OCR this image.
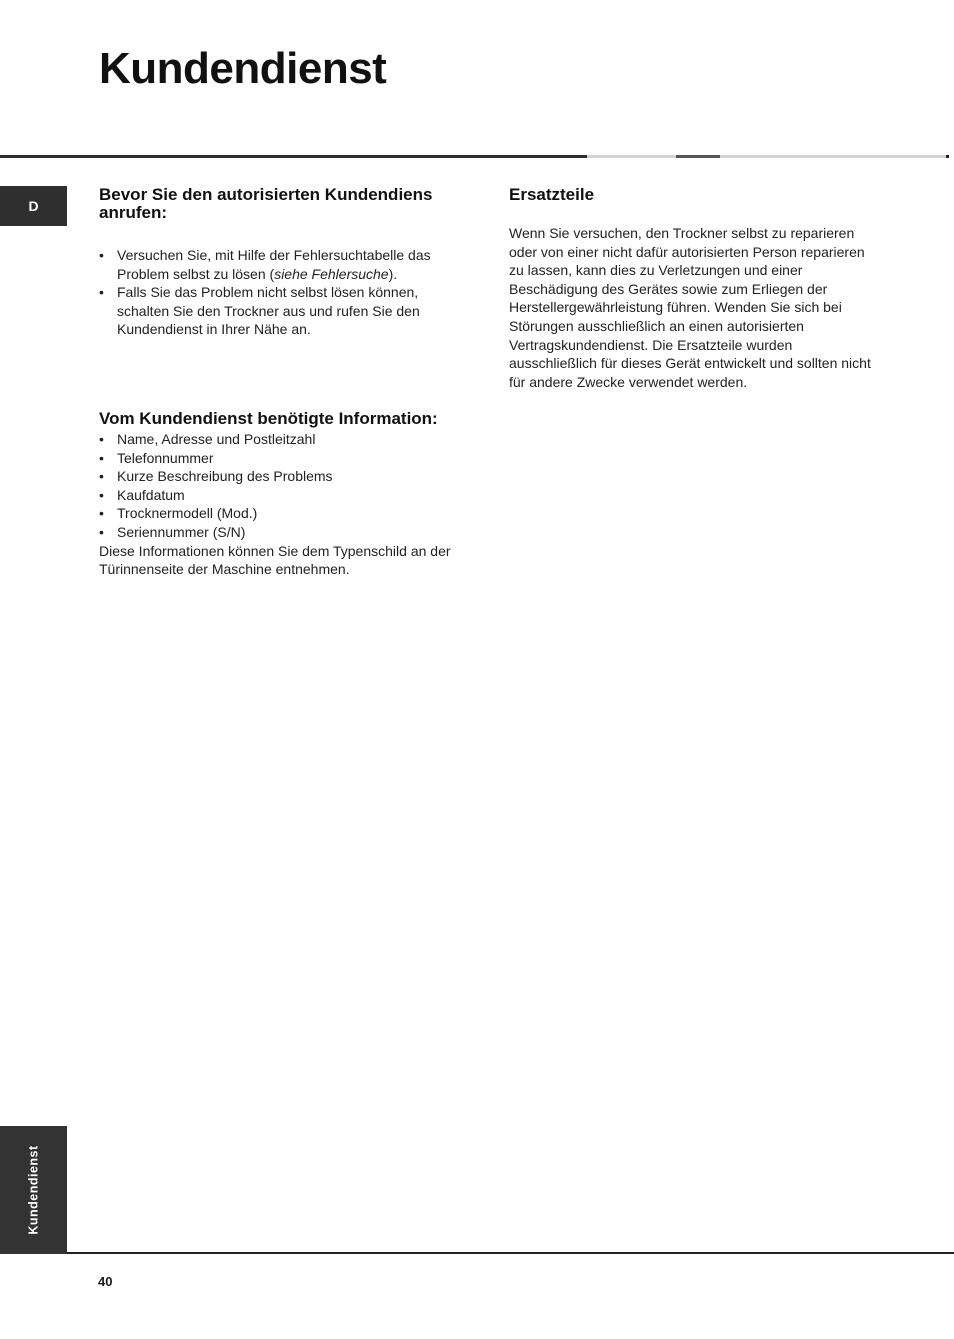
Kundendienst
D
Bevor Sie den autorisierten Kundendiens anrufen:
• Versuchen Sie, mit Hilfe der Fehlersuchtabelle das Problem selbst zu lösen (siehe Fehlersuche).
• Falls Sie das Problem nicht selbst lösen können, schalten Sie den Trockner aus und rufen Sie den Kundendienst in Ihrer Nähe an.
Vom Kundendienst benötigte Information:
• Name, Adresse und Postleitzahl
• Telefonnummer
• Kurze Beschreibung des Problems
• Kaufdatum
• Trocknermodell (Mod.)
• Seriennummer (S/N)

Diese Informationen können Sie dem Typenschild an der Türinnenseite der Maschine entnehmen.

Ersatzteile

Wenn Sie versuchen, den Trockner selbst zu reparieren oder von einer nicht dafür autorisierten Person reparieren zu lassen, kann dies zu Verletzungen und einer Beschädigung des Gerätes sowie zum Erliegen der Herstellergewährleistung führen. Wenden Sie sich bei Störungen ausschließlich an einen autorisierten Vertragskundendienst. Die Ersatzteile wurden ausschließlich für dieses Gerät entwickelt und sollten nicht für andere Zwecke verwendet werden.

Kundendienst
40
